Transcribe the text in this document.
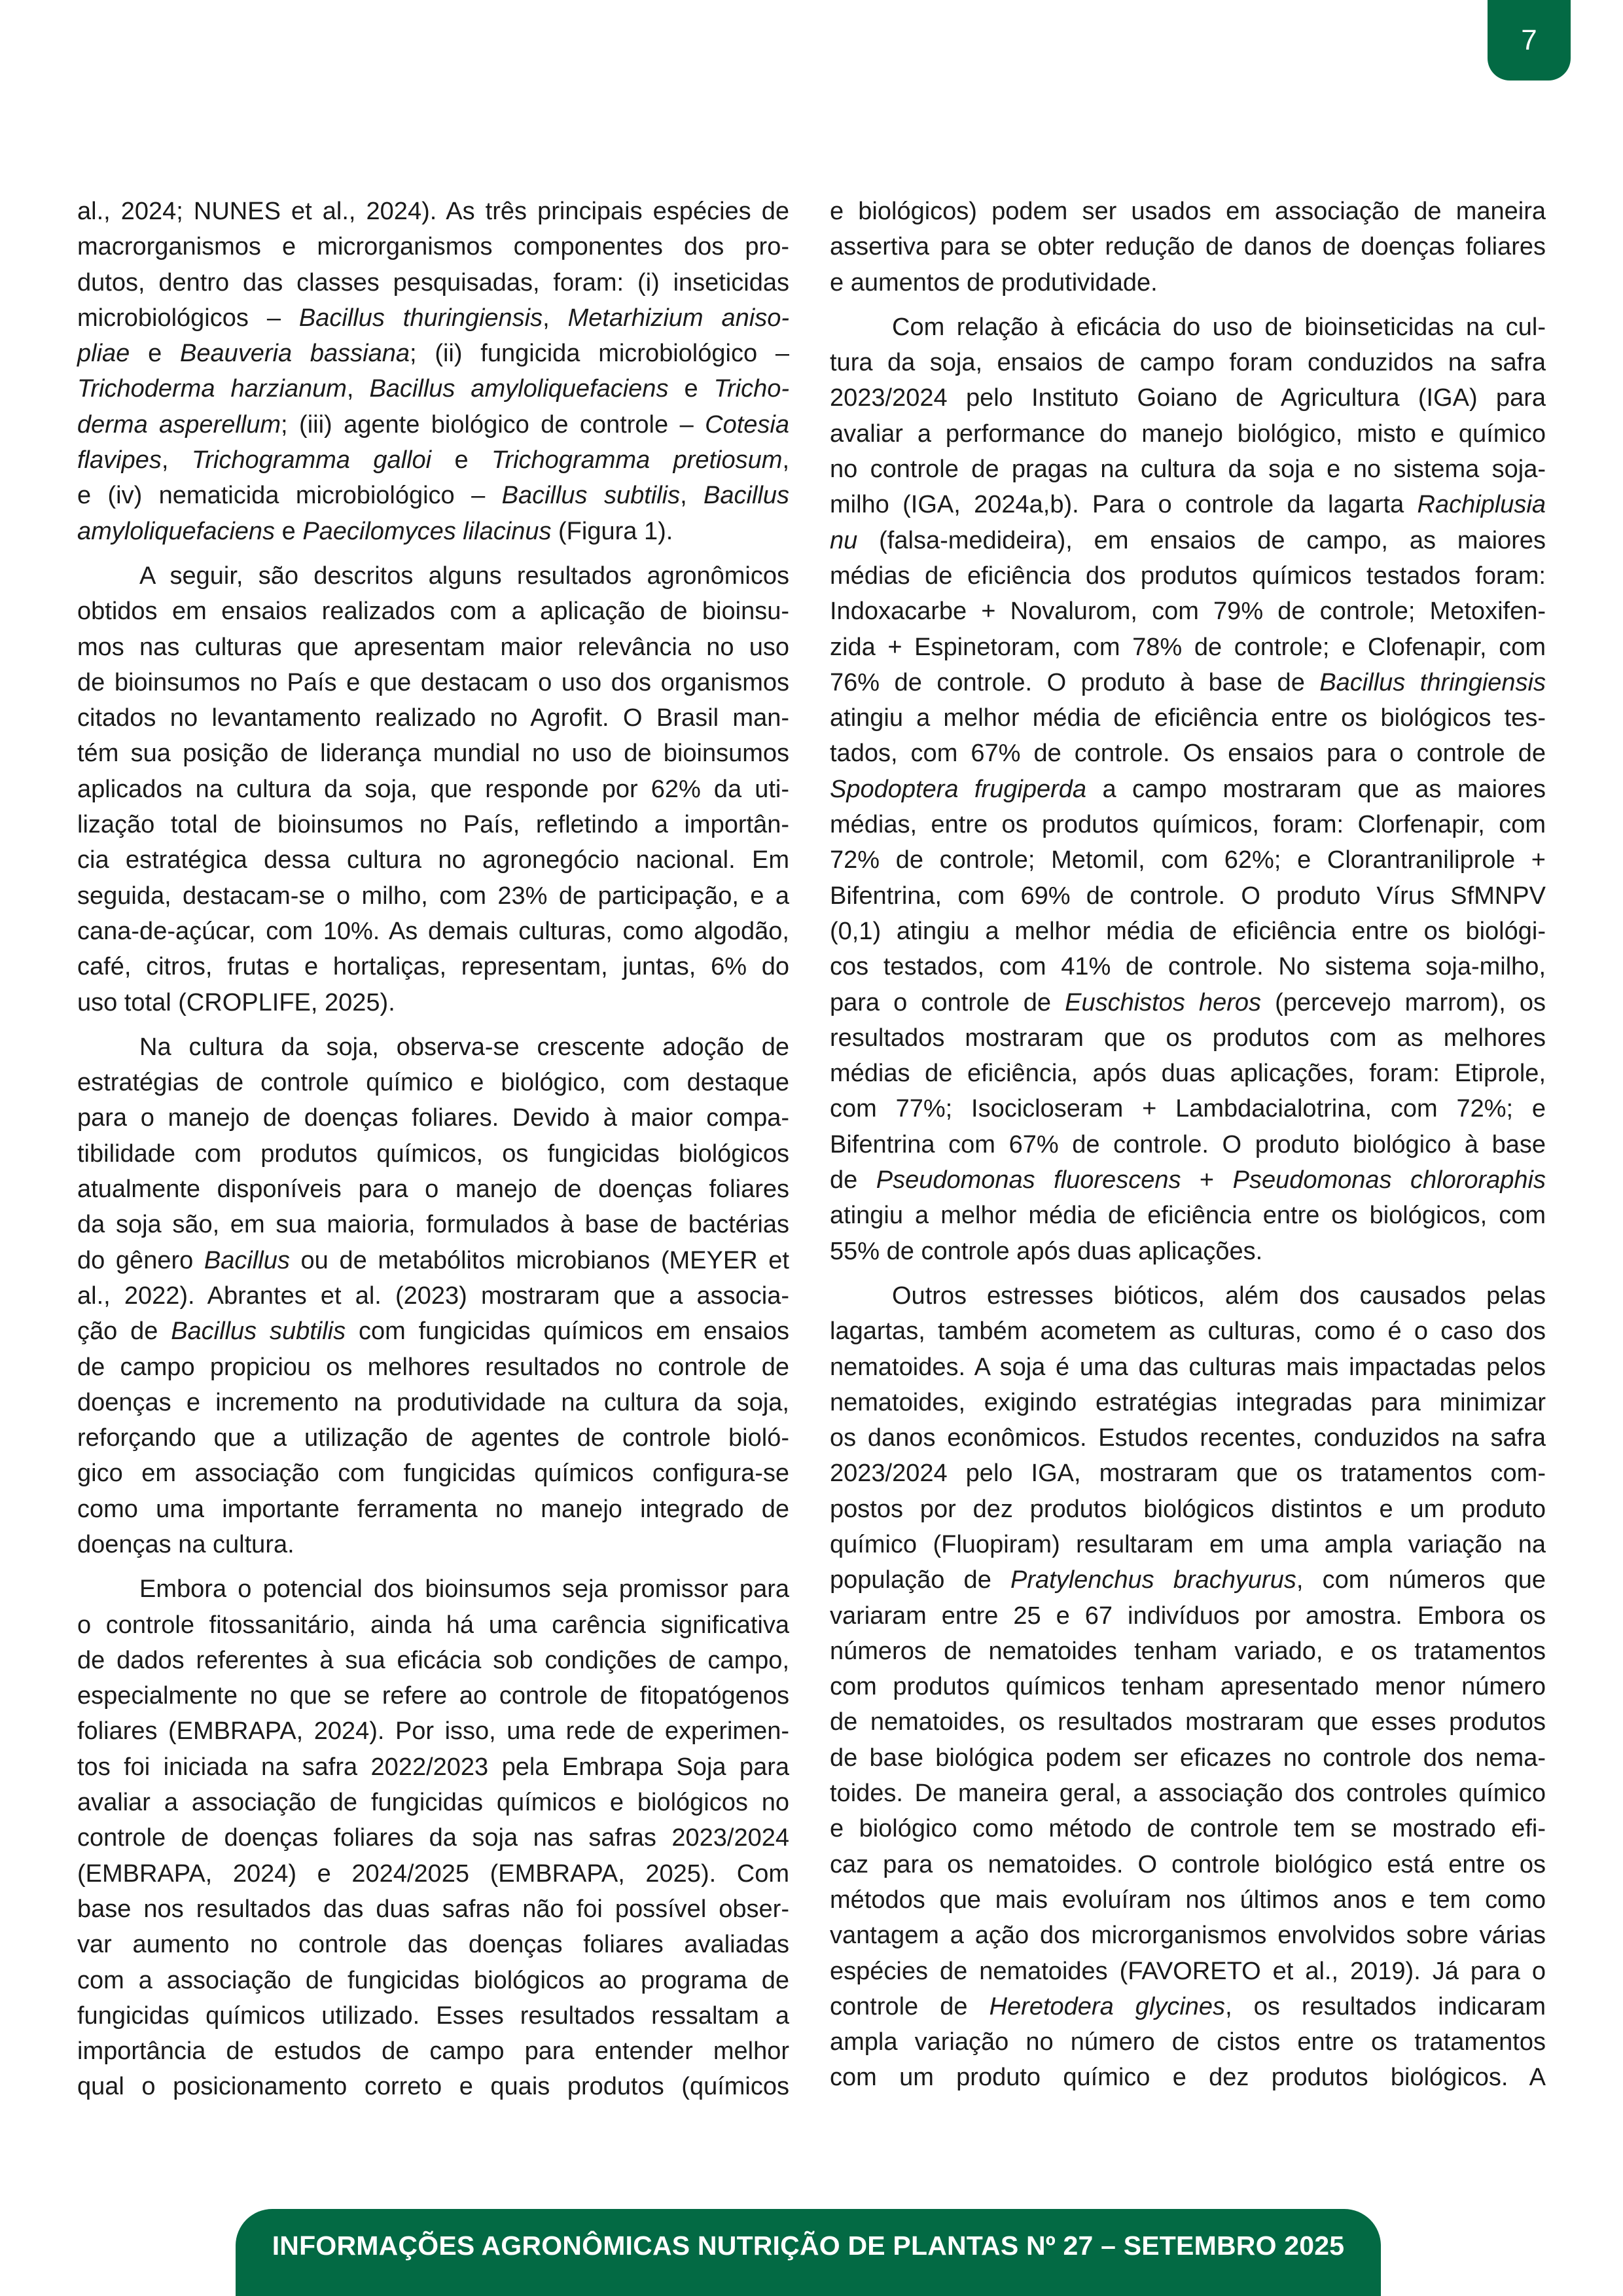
7
al., 2024; NUNES et al., 2024). As três principais espécies de
macrorganismos e microrganismos componentes dos pro-
dutos, dentro das classes pesquisadas, foram: (i) inseticidas
microbiológicos – Bacillus thuringiensis, Metarhizium aniso-
pliae e Beauveria bassiana; (ii) fungicida microbiológico –
Trichoderma harzianum, Bacillus amyloliquefaciens e Tricho-
derma asperellum; (iii) agente biológico de controle – Cotesia
flavipes, Trichogramma galloi e Trichogramma pretiosum,
e (iv) nematicida microbiológico – Bacillus subtilis, Bacillus
amyloliquefaciens e Paecilomyces lilacinus (Figura 1).
A seguir, são descritos alguns resultados agronômicos
obtidos em ensaios realizados com a aplicação de bioinsu-
mos nas culturas que apresentam maior relevância no uso
de bioinsumos no País e que destacam o uso dos organismos
citados no levantamento realizado no Agrofit. O Brasil man-
tém sua posição de liderança mundial no uso de bioinsumos
aplicados na cultura da soja, que responde por 62% da uti-
lização total de bioinsumos no País, refletindo a importân-
cia estratégica dessa cultura no agronegócio nacional. Em
seguida, destacam-se o milho, com 23% de participação, e a
cana-de-açúcar, com 10%. As demais culturas, como algodão,
café, citros, frutas e hortaliças, representam, juntas, 6% do
uso total (CROPLIFE, 2025).
Na cultura da soja, observa-se crescente adoção de
estratégias de controle químico e biológico, com destaque
para o manejo de doenças foliares. Devido à maior compa-
tibilidade com produtos químicos, os fungicidas biológicos
atualmente disponíveis para o manejo de doenças foliares
da soja são, em sua maioria, formulados à base de bactérias
do gênero Bacillus ou de metabólitos microbianos (MEYER et
al., 2022). Abrantes et al. (2023) mostraram que a associa-
ção de Bacillus subtilis com fungicidas químicos em ensaios
de campo propiciou os melhores resultados no controle de
doenças e incremento na produtividade na cultura da soja,
reforçando que a utilização de agentes de controle bioló-
gico em associação com fungicidas químicos configura-se
como uma importante ferramenta no manejo integrado de
doenças na cultura.
Embora o potencial dos bioinsumos seja promissor para
o controle fitossanitário, ainda há uma carência significativa
de dados referentes à sua eficácia sob condições de campo,
especialmente no que se refere ao controle de fitopatógenos
foliares (EMBRAPA, 2024). Por isso, uma rede de experimen-
tos foi iniciada na safra 2022/2023 pela Embrapa Soja para
avaliar a associação de fungicidas químicos e biológicos no
controle de doenças foliares da soja nas safras 2023/2024
(EMBRAPA, 2024) e 2024/2025 (EMBRAPA, 2025). Com
base nos resultados das duas safras não foi possível obser-
var aumento no controle das doenças foliares avaliadas
com a associação de fungicidas biológicos ao programa de
fungicidas químicos utilizado. Esses resultados ressaltam a
importância de estudos de campo para entender melhor
qual o posicionamento correto e quais produtos (químicos
e biológicos) podem ser usados em associação de maneira
assertiva para se obter redução de danos de doenças foliares
e aumentos de produtividade.
Com relação à eficácia do uso de bioinseticidas na cul-
tura da soja, ensaios de campo foram conduzidos na safra
2023/2024 pelo Instituto Goiano de Agricultura (IGA) para
avaliar a performance do manejo biológico, misto e químico
no controle de pragas na cultura da soja e no sistema soja-
milho (IGA, 2024a,b). Para o controle da lagarta Rachiplusia
nu (falsa-medideira), em ensaios de campo, as maiores
médias de eficiência dos produtos químicos testados foram:
Indoxacarbe + Novalurom, com 79% de controle; Metoxifen-
zida + Espinetoram, com 78% de controle; e Clofenapir, com
76% de controle. O produto à base de Bacillus thringiensis
atingiu a melhor média de eficiência entre os biológicos tes-
tados, com 67% de controle. Os ensaios para o controle de
Spodoptera frugiperda a campo mostraram que as maiores
médias, entre os produtos químicos, foram: Clorfenapir, com
72% de controle; Metomil, com 62%; e Clorantraniliprole +
Bifentrina, com 69% de controle. O produto Vírus SfMNPV
(0,1) atingiu a melhor média de eficiência entre os biológi-
cos testados, com 41% de controle. No sistema soja-milho,
para o controle de Euschistos heros (percevejo marrom), os
resultados mostraram que os produtos com as melhores
médias de eficiência, após duas aplicações, foram: Etiprole,
com 77%; Isocicloseram + Lambdacialotrina, com 72%; e
Bifentrina com 67% de controle. O produto biológico à base
de Pseudomonas fluorescens + Pseudomonas chlororaphis
atingiu a melhor média de eficiência entre os biológicos, com
55% de controle após duas aplicações.
Outros estresses bióticos, além dos causados pelas
lagartas, também acometem as culturas, como é o caso dos
nematoides. A soja é uma das culturas mais impactadas pelos
nematoides, exigindo estratégias integradas para minimizar
os danos econômicos. Estudos recentes, conduzidos na safra
2023/2024 pelo IGA, mostraram que os tratamentos com-
postos por dez produtos biológicos distintos e um produto
químico (Fluopiram) resultaram em uma ampla variação na
população de Pratylenchus brachyurus, com números que
variaram entre 25 e 67 indivíduos por amostra. Embora os
números de nematoides tenham variado, e os tratamentos
com produtos químicos tenham apresentado menor número
de nematoides, os resultados mostraram que esses produtos
de base biológica podem ser eficazes no controle dos nema-
toides. De maneira geral, a associação dos controles químico
e biológico como método de controle tem se mostrado efi-
caz para os nematoides. O controle biológico está entre os
métodos que mais evoluíram nos últimos anos e tem como
vantagem a ação dos microrganismos envolvidos sobre várias
espécies de nematoides (FAVORETO et al., 2019). Já para o
controle de Heretodera glycines, os resultados indicaram
ampla variação no número de cistos entre os tratamentos
com um produto químico e dez produtos biológicos. A
INFORMAÇÕES AGRONÔMICAS NUTRIÇÃO DE PLANTAS Nº 27 – SETEMBRO 2025
